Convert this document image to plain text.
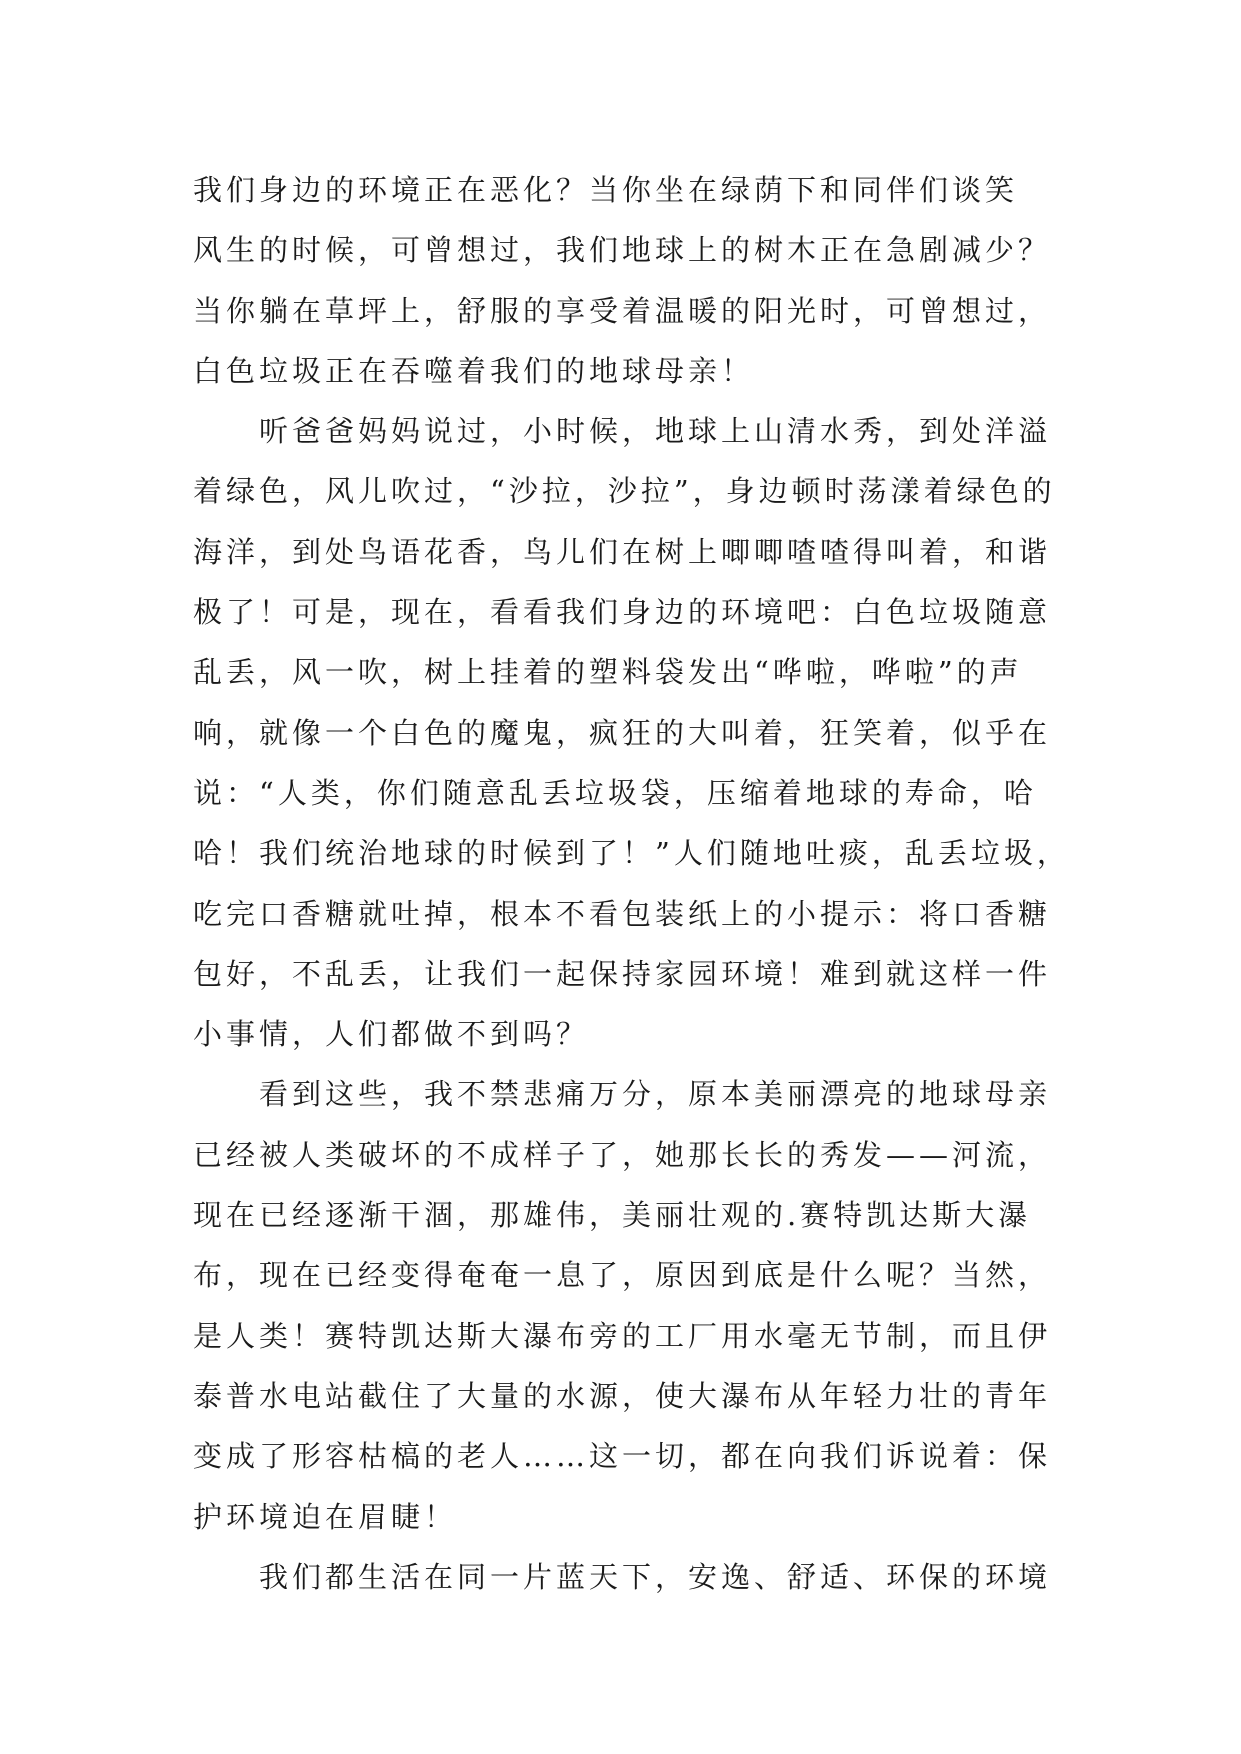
我们身边的环境正在恶化？当你坐在绿荫下和同伴们谈笑
风生的时候，可曾想过，我们地球上的树木正在急剧减少？
当你躺在草坪上，舒服的享受着温暖的阳光时，可曾想过，
白色垃圾正在吞噬着我们的地球母亲！
　　听爸爸妈妈说过，小时候，地球上山清水秀，到处洋溢
着绿色，风儿吹过，“沙拉，沙拉”，身边顿时荡漾着绿色的
海洋，到处鸟语花香，鸟儿们在树上唧唧喳喳得叫着，和谐
极了！可是，现在，看看我们身边的环境吧：白色垃圾随意
乱丢，风一吹，树上挂着的塑料袋发出“哗啦，哗啦”的声
响，就像一个白色的魔鬼，疯狂的大叫着，狂笑着，似乎在
说：“人类，你们随意乱丢垃圾袋，压缩着地球的寿命，哈
哈！我们统治地球的时候到了！”人们随地吐痰，乱丢垃圾，
吃完口香糖就吐掉，根本不看包装纸上的小提示：将口香糖
包好，不乱丢，让我们一起保持家园环境！难到就这样一件
小事情，人们都做不到吗？
　　看到这些，我不禁悲痛万分，原本美丽漂亮的地球母亲
已经被人类破坏的不成样子了，她那长长的秀发——河流，
现在已经逐渐干涸，那雄伟，美丽壮观的.赛特凯达斯大瀑
布，现在已经变得奄奄一息了，原因到底是什么呢？当然，
是人类！赛特凯达斯大瀑布旁的工厂用水毫无节制，而且伊
泰普水电站截住了大量的水源，使大瀑布从年轻力壮的青年
变成了形容枯槁的老人……这一切，都在向我们诉说着：保
护环境迫在眉睫！
　　我们都生活在同一片蓝天下，安逸、舒适、环保的环境
